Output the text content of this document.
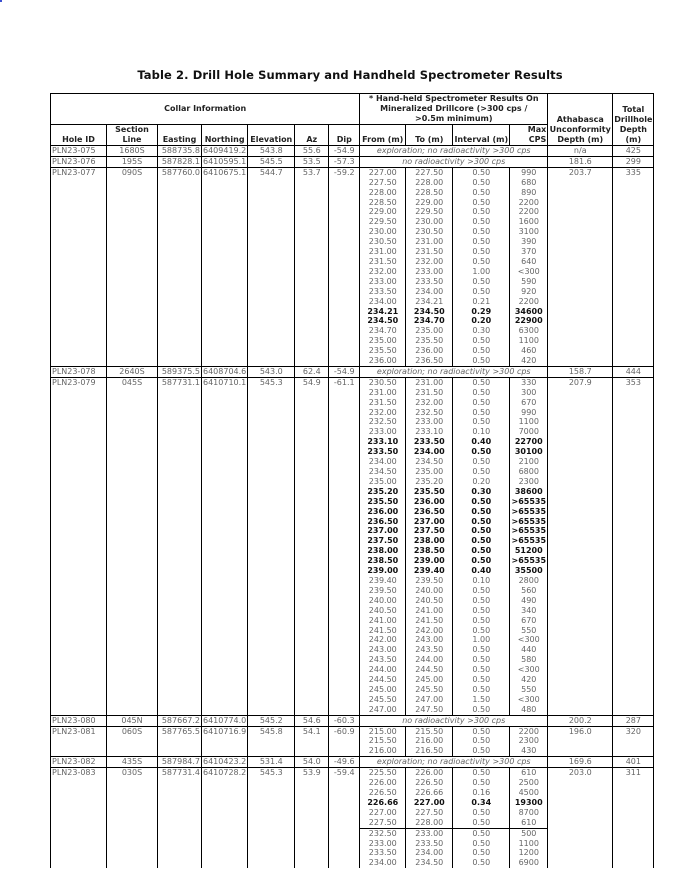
Table 2. Drill Hole Summary and Handheld Spectrometer Results
Collar Information							* Hand-held Spectrometer Results On Mineralized Drillcore (>300 cps / >0.5m minimum)				Athabasca	Total Drillhole
Hole ID	Section Line	Easting	Northing	Elevation	Az	Dip	From (m)	To (m)	Interval (m)	Max CPS	Unconformity Depth (m)	Depth (m)
PLN23-075	1680S	588735.8	6409419.2	543.8	55.6	-54.9	exploration; no radioactivity >300 cps				n/a	425
PLN23-076	195S	587828.1	6410595.1	545.5	53.5	-57.3	no radioactivity >300 cps				181.6	299
PLN23-077	090S	587760.0	6410675.1	544.7	53.7	-59.2	227.00	227.50	0.50	990	203.7	335
							227.50	228.00	0.50	680		
							228.00	228.50	0.50	890		
							228.50	229.00	0.50	2200		
							229.00	229.50	0.50	2200		
							229.50	230.00	0.50	1600		
							230.00	230.50	0.50	3100		
							230.50	231.00	0.50	390		
							231.00	231.50	0.50	370		
							231.50	232.00	0.50	640		
							232.00	233.00	1.00	<300		
							233.00	233.50	0.50	590		
							233.50	234.00	0.50	920		
							234.00	234.21	0.21	2200		
							234.21	234.50	0.29	34600		
							234.50	234.70	0.20	22900		
							234.70	235.00	0.30	6300		
							235.00	235.50	0.50	1100		
							235.50	236.00	0.50	460		
							236.00	236.50	0.50	420		
PLN23-078	2640S	589375.5	6408704.6	543.0	62.4	-54.9	exploration; no radioactivity >300 cps				158.7	444
PLN23-079	045S	587731.1	6410710.1	545.3	54.9	-61.1	230.50	231.00	0.50	330	207.9	353
							231.00	231.50	0.50	300		
							231.50	232.00	0.50	670		
							232.00	232.50	0.50	990		
							232.50	233.00	0.50	1100		
							233.00	233.10	0.10	7000		
							233.10	233.50	0.40	22700		
							233.50	234.00	0.50	30100		
							234.00	234.50	0.50	2100		
							234.50	235.00	0.50	6800		
							235.00	235.20	0.20	2300		
							235.20	235.50	0.30	38600		
							235.50	236.00	0.50	>65535		
							236.00	236.50	0.50	>65535		
							236.50	237.00	0.50	>65535		
							237.00	237.50	0.50	>65535		
							237.50	238.00	0.50	>65535		
							238.00	238.50	0.50	51200		
							238.50	239.00	0.50	>65535		
							239.00	239.40	0.40	35500		
							239.40	239.50	0.10	2800		
							239.50	240.00	0.50	560		
							240.00	240.50	0.50	490		
							240.50	241.00	0.50	340		
							241.00	241.50	0.50	670		
							241.50	242.00	0.50	550		
							242.00	243.00	1.00	<300		
							243.00	243.50	0.50	440		
							243.50	244.00	0.50	580		
							244.00	244.50	0.50	<300		
							244.50	245.00	0.50	420		
							245.00	245.50	0.50	550		
							245.50	247.00	1.50	<300		
							247.00	247.50	0.50	480		
PLN23-080	045N	587667.2	6410774.0	545.2	54.6	-60.3	no radioactivity >300 cps				200.2	287
PLN23-081	060S	587765.5	6410716.9	545.8	54.1	-60.9	215.00	215.50	0.50	2200	196.0	320
							215.50	216.00	0.50	2300		
							216.00	216.50	0.50	430		
PLN23-082	435S	587984.7	6410423.2	531.4	54.0	-49.6	exploration; no radioactivity >300 cps				169.6	401
PLN23-083	030S	587731.4	6410728.2	545.3	53.9	-59.4	225.50	226.00	0.50	610	203.0	311
							226.00	226.50	0.50	2500		
							226.50	226.66	0.16	4500		
							226.66	227.00	0.34	19300		
							227.00	227.50	0.50	8700		
							227.50	228.00	0.50	610		
							232.50	233.00	0.50	500		
							233.00	233.50	0.50	1100		
							233.50	234.00	0.50	1200		
							234.00	234.50	0.50	6900		
